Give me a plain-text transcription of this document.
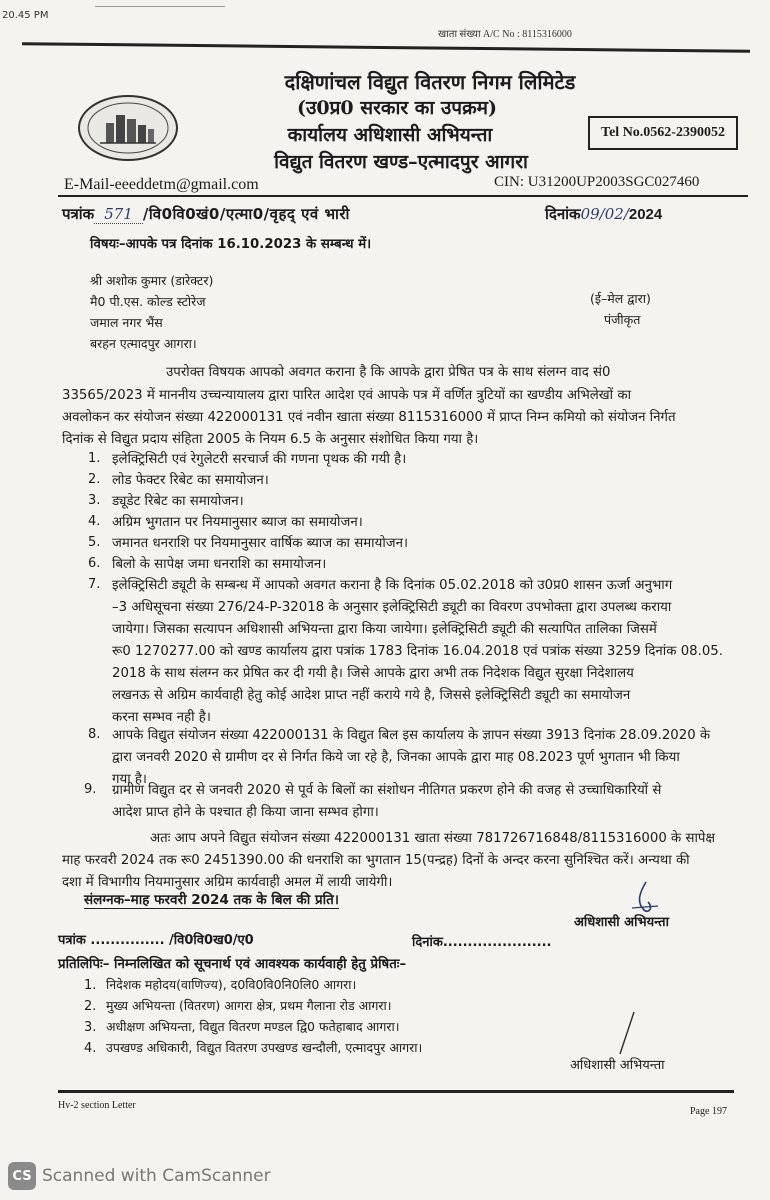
20.45 PM
खाता संख्या A/C No : 8115316000
दक्षिणांचल विद्युत वितरण निगम लिमिटेड
(उ0प्र0 सरकार का उपक्रम)
कार्यालय अधिशासी अभियन्ता
विद्युत वितरण खण्ड–एत्मादपुर आगरा
Tel No.0562-2390052
E-Mail-eeeddetm@gmail.com	CIN: U31200UP2003SGC027460
पत्रांक 571 /वि0वि0खं0/एत्मा0/वृहद् एवं भारी	दिनांक09/02/2024
विषयः–आपके पत्र दिनांक 16.10.2023 के सम्बन्ध में।
श्री अशोक कुमार (डारेक्टर)
मै0 पी.एस. कोल्ड स्टोरेज
जमाल नगर भैंस
बरहन एत्मादपुर आगरा।
(ई–मेल द्वारा)
पंजीकृत
उपरोक्त विषयक आपको अवगत कराना है कि आपके द्वारा प्रेषित पत्र के साथ संलग्न वाद सं0
33565/2023 में माननीय उच्चन्यायालय द्वारा पारित आदेश एवं आपके पत्र में वर्णित त्रुटियों का खण्डीय अभिलेखों का
अवलोकन कर संयोजन संख्या 422000131 एवं नवीन खाता संख्या 8115316000 में प्राप्त निम्न कमियो को संयोजन निर्गत
दिनांक से विद्युत प्रदाय संहिता 2005 के नियम 6.5 के अनुसार संशोधित किया गया है।
1. इलेक्ट्रिसिटी एवं रेगुलेटरी सरचार्ज की गणना पृथक की गयी है।
2. लोड फेक्टर रिबेट का समायोजन।
3. ड्यूडेट रिबेट का समायोजन।
4. अग्रिम भुगतान पर नियमानुसार ब्याज का समायोजन।
5. जमानत धनराशि पर नियमानुसार वार्षिक ब्याज का समायोजन।
6. बिलो के सापेक्ष जमा धनराशि का समायोजन।
7. इलेक्ट्रिसिटी ड्यूटी के सम्बन्ध में आपको अवगत कराना है कि दिनांक 05.02.2018 को उ0प्र0 शासन ऊर्जा अनुभाग
–3 अधिसूचना संख्या 276/24-P-32018 के अनुसार इलेक्ट्रिसिटी ड्यूटी का विवरण उपभोक्ता द्वारा उपलब्ध कराया
जायेगा। जिसका सत्यापन अधिशासी अभियन्ता द्वारा किया जायेगा। इलेक्ट्रिसिटी ड्यूटी की सत्यापित तालिका जिसमें
रू0 1270277.00 को खण्ड कार्यालय द्वारा पत्रांक 1783 दिनांक 16.04.2018 एवं पत्रांक संख्या 3259 दिनांक 08.05.
2018 के साथ संलग्न कर प्रेषित कर दी गयी है। जिसे आपके द्वारा अभी तक निदेशक विद्युत सुरक्षा निदेशालय
लखनऊ से अग्रिम कार्यवाही हेतु कोई आदेश प्राप्त नहीं कराये गये है, जिससे इलेक्ट्रिसिटी ड्यूटी का समायोजन
करना सम्भव नही है।
8. आपके विद्युत संयोजन संख्या 422000131 के विद्युत बिल इस कार्यालय के ज्ञापन संख्या 3913 दिनांक 28.09.2020 के
द्वारा जनवरी 2020 से ग्रामीण दर से निर्गत किये जा रहे है, जिनका आपके द्वारा माह 08.2023 पूर्ण भुगतान भी किया
गया है।
9. ग्रामीण विद्युत दर से जनवरी 2020 से पूर्व के बिलों का संशोधन नीतिगत प्रकरण होने की वजह से उच्चाधिकारियों से
आदेश प्राप्त होने के पश्चात ही किया जाना सम्भव होगा।
अतः आप अपने विद्युत संयोजन संख्या 422000131 खाता संख्या 781726716848/8115316000 के सापेक्ष
माह फरवरी 2024 तक रू0 2451390.00 की धनराशि का भुगतान 15(पन्द्रह) दिनों के अन्दर करना सुनिश्चित करें। अन्यथा की
दशा में विभागीय नियमानुसार अग्रिम कार्यवाही अमल में लायी जायेगी।
संलग्नक–माह फरवरी 2024 तक के बिल की प्रति।
अधिशासी अभियन्ता
पत्रांक ............... /वि0वि0ख0/ए0	दिनांक......................
प्रतिलिपिः– निम्नलिखित को सूचनार्थ एवं आवश्यक कार्यवाही हेतु प्रेषितः–
1. निदेशक महोदय(वाणिज्य), द0वि0वि0नि0लि0 आगरा।
2. मुख्य अभियन्ता (वितरण) आगरा क्षेत्र, प्रथम गैलाना रोड आगरा।
3. अधीक्षण अभियन्ता, विद्युत वितरण मण्डल द्वि0 फतेहाबाद आगरा।
4. उपखण्ड अधिकारी, विद्युत वितरण उपखण्ड खन्दौली, एत्मादपुर आगरा।
अधिशासी अभियन्ता
Hv-2 section Letter
Page 197
CS Scanned with CamScanner
